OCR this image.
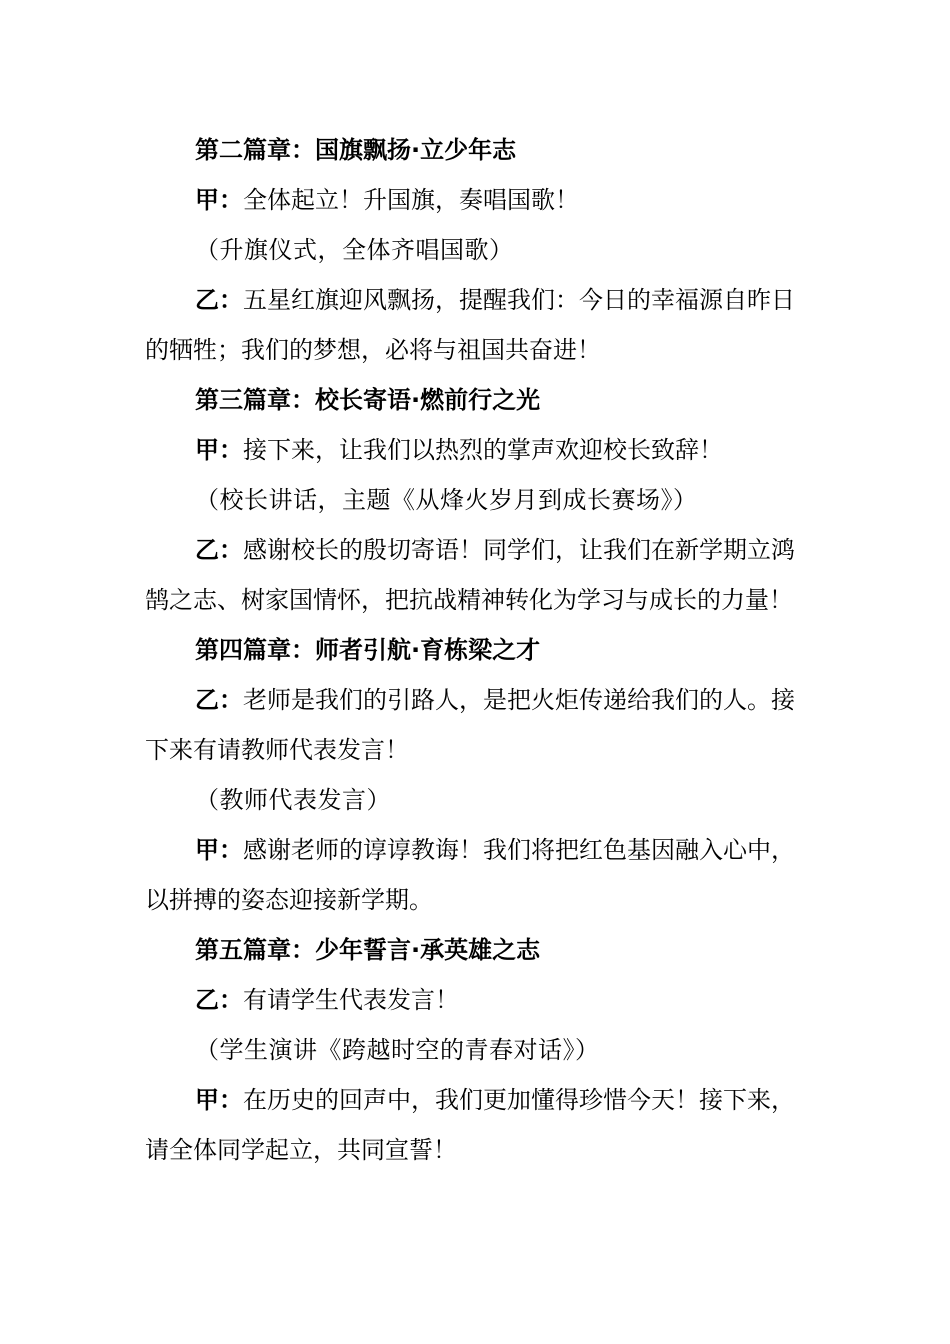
第二篇章：国旗飘扬·立少年志
甲：全体起立！升国旗，奏唱国歌！
（升旗仪式，全体齐唱国歌）
乙：五星红旗迎风飘扬，提醒我们：今日的幸福源自昨日的牺牲；我们的梦想，必将与祖国共奋进！
第三篇章：校长寄语·燃前行之光
甲：接下来，让我们以热烈的掌声欢迎校长致辞！
（校长讲话，主题《从烽火岁月到成长赛场》）
乙：感谢校长的殷切寄语！同学们，让我们在新学期立鸿鹄之志、树家国情怀，把抗战精神转化为学习与成长的力量！
第四篇章：师者引航·育栋梁之才
乙：老师是我们的引路人，是把火炬传递给我们的人。接下来有请教师代表发言！
（教师代表发言）
甲：感谢老师的谆谆教诲！我们将把红色基因融入心中，以拼搏的姿态迎接新学期。
第五篇章：少年誓言·承英雄之志
乙：有请学生代表发言！
（学生演讲《跨越时空的青春对话》）
甲：在历史的回声中，我们更加懂得珍惜今天！接下来，请全体同学起立，共同宣誓！
